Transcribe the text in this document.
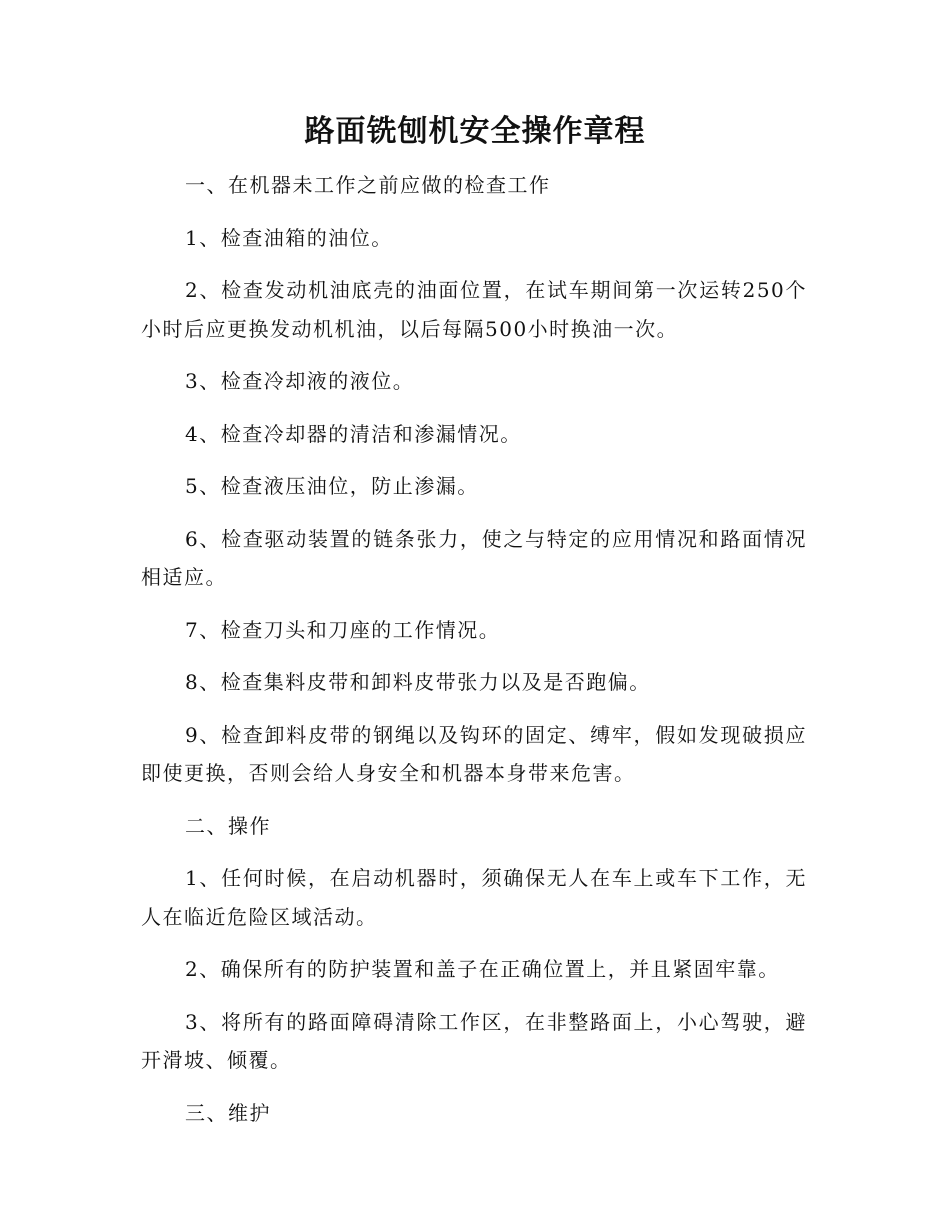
路面铣刨机安全操作章程

一、在机器未工作之前应做的检查工作

1、检查油箱的油位。

2、检查发动机油底壳的油面位置，在试车期间第一次运转250个小时后应更换发动机机油，以后每隔500小时换油一次。

3、检查冷却液的液位。

4、检查冷却器的清洁和渗漏情况。

5、检查液压油位，防止渗漏。

6、检查驱动装置的链条张力，使之与特定的应用情况和路面情况相适应。

7、检查刀头和刀座的工作情况。

8、检查集料皮带和卸料皮带张力以及是否跑偏。

9、检查卸料皮带的钢绳以及钩环的固定、缚牢，假如发现破损应即使更换，否则会给人身安全和机器本身带来危害。

二、操作

1、任何时候，在启动机器时，须确保无人在车上或车下工作，无人在临近危险区域活动。

2、确保所有的防护装置和盖子在正确位置上，并且紧固牢靠。

3、将所有的路面障碍清除工作区，在非整路面上，小心驾驶，避开滑坡、倾覆。

三、维护
